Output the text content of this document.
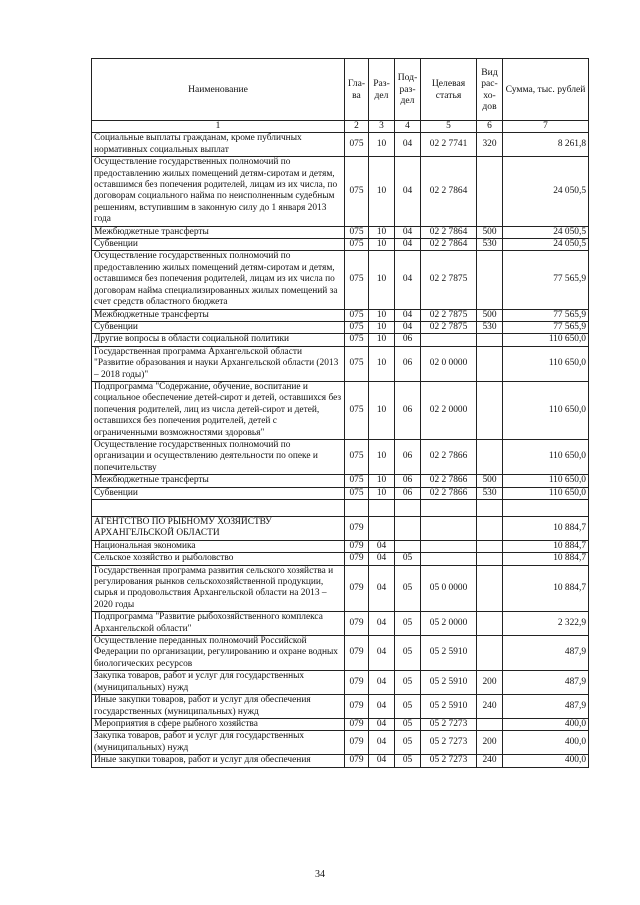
Наименование	Гла-ва	Раз-дел	Под-раз-дел	Целевая статья	Вид рас-хо-дов	Сумма, тыс. рублей
1	2	3	4	5	6	7
Социальные выплаты гражданам, кроме публичных нормативных социальных выплат	075	10	04	02 2 7741	320	8 261,8
Осуществление государственных полномочий по предоставлению жилых помещений детям-сиротам и детям, оставшимся без попечения родителей, лицам из их числа, по договорам социального найма по неисполненным судебным решениям, вступившим в законную силу до 1 января 2013 года	075	10	04	02 2 7864		24 050,5
Межбюджетные трансферты	075	10	04	02 2 7864	500	24 050,5
Субвенции	075	10	04	02 2 7864	530	24 050,5
Осуществление государственных полномочий по предоставлению жилых помещений детям-сиротам и детям, оставшимся без попечения родителей, лицам из их числа по договорам найма специализированных жилых помещений за счет средств областного бюджета	075	10	04	02 2 7875		77 565,9
Межбюджетные трансферты	075	10	04	02 2 7875	500	77 565,9
Субвенции	075	10	04	02 2 7875	530	77 565,9
Другие вопросы в области социальной политики	075	10	06			110 650,0
Государственная программа Архангельской области "Развитие образования и науки Архангельской области (2013 – 2018 годы)"	075	10	06	02 0 0000		110 650,0
Подпрограмма "Содержание, обучение, воспитание и социальное обеспечение детей-сирот и детей, оставшихся без попечения родителей, лиц из числа детей-сирот и детей, оставшихся без попечения родителей, детей с ограниченными возможностями здоровья"	075	10	06	02 2 0000		110 650,0
Осуществление государственных полномочий по организации и осуществлению деятельности по опеке и попечительству	075	10	06	02 2 7866		110 650,0
Межбюджетные трансферты	075	10	06	02 2 7866	500	110 650,0
Субвенции	075	10	06	02 2 7866	530	110 650,0

АГЕНТСТВО ПО РЫБНОМУ ХОЗЯЙСТВУ АРХАНГЕЛЬСКОЙ ОБЛАСТИ	079					10 884,7
Национальная экономика	079	04				10 884,7
Сельское хозяйство и рыболовство	079	04	05			10 884,7
Государственная программа развития сельского хозяйства и регулирования рынков сельскохозяйственной продукции, сырья и продовольствия Архангельской области на 2013 – 2020 годы	079	04	05	05 0 0000		10 884,7
Подпрограмма "Развитие рыбохозяйственного комплекса Архангельской области"	079	04	05	05 2 0000		2 322,9
Осуществление переданных полномочий Российской Федерации по организации, регулированию и охране водных биологических ресурсов	079	04	05	05 2 5910		487,9
Закупка товаров, работ и услуг для государственных (муниципальных) нужд	079	04	05	05 2 5910	200	487,9
Иные закупки товаров, работ и услуг для обеспечения государственных (муниципальных) нужд	079	04	05	05 2 5910	240	487,9
Мероприятия в сфере рыбного хозяйства	079	04	05	05 2 7273		400,0
Закупка товаров, работ и услуг для государственных (муниципальных) нужд	079	04	05	05 2 7273	200	400,0
Иные закупки товаров, работ и услуг для обеспечения	079	04	05	05 2 7273	240	400,0
34
